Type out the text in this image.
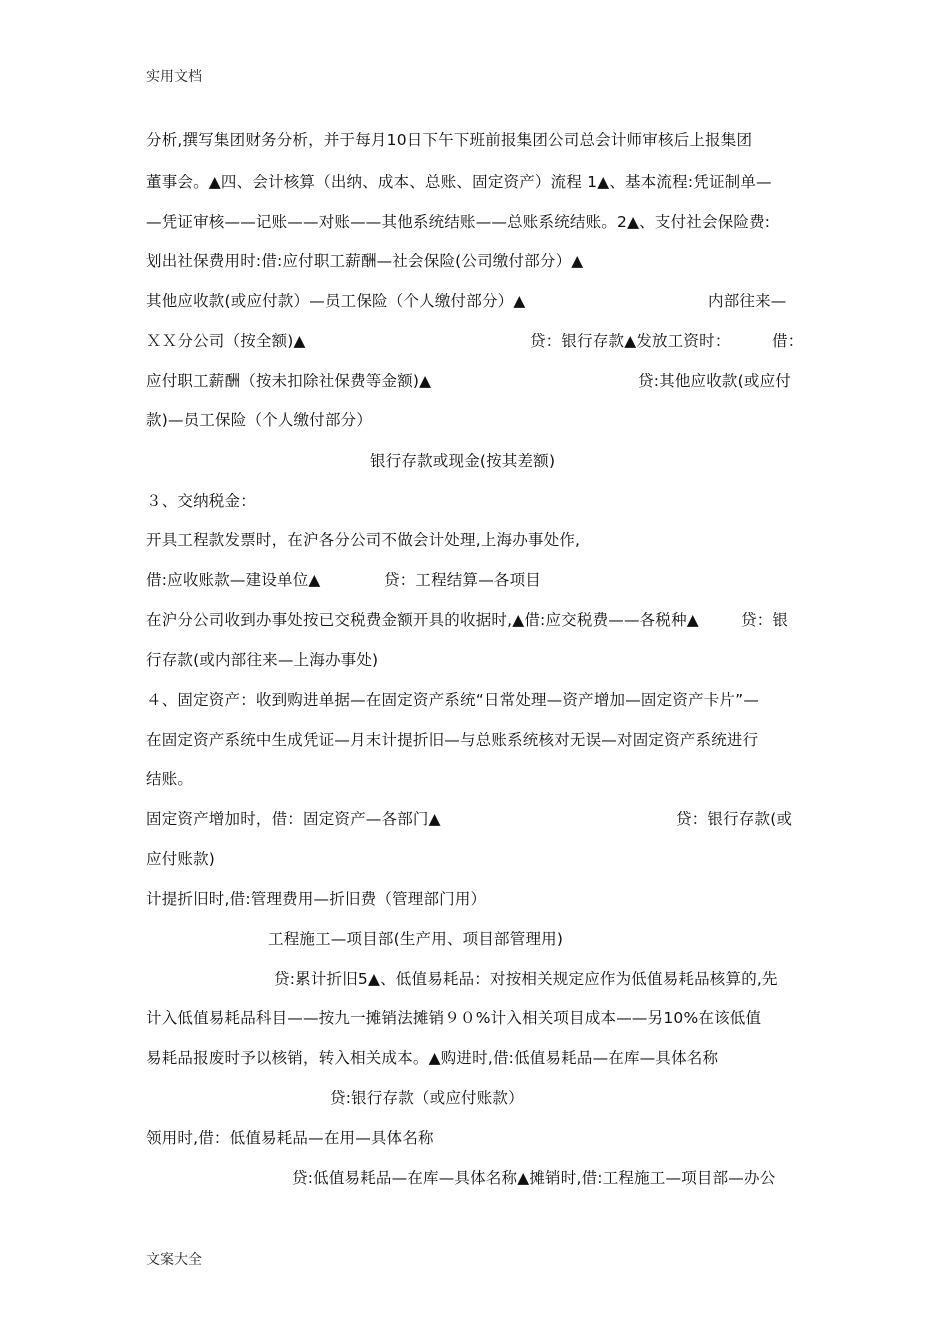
实用文档
分析,撰写集团财务分析，并于每月10日下午下班前报集团公司总会计师审核后上报集团
董事会。▲四、会计核算（出纳、成本、总账、固定资产）流程 1▲、基本流程:凭证制单—
—凭证审核——记账——对账——其他系统结账——总账系统结账。2▲、支付社会保险费:
划出社保费用时:借:应付职工薪酬—社会保险(公司缴付部分）▲
其他应收款(或应付款）—员工保险（个人缴付部分）▲	内部往来—
ＸＸ分公司（按全额)▲	贷：银行存款▲发放工资时：	借：
应付职工薪酬（按未扣除社保费等金额)▲	贷:其他应收款(或应付
款)—员工保险（个人缴付部分）
银行存款或现金(按其差额)
３、交纳税金：
开具工程款发票时，在沪各分公司不做会计处理,上海办事处作,
借:应收账款—建设单位▲	贷：工程结算—各项目
在沪分公司收到办事处按已交税费金额开具的收据时,▲借:应交税费——各税种▲	贷：银
行存款(或内部往来—上海办事处)
４、固定资产：收到购进单据—在固定资产系统“日常处理—资产增加—固定资产卡片”—
在固定资产系统中生成凭证—月末计提折旧—与总账系统核对无误—对固定资产系统进行
结账。
固定资产增加时，借：固定资产—各部门▲	贷：银行存款(或
应付账款)
计提折旧时,借:管理费用—折旧费（管理部门用）
工程施工—项目部(生产用、项目部管理用)
贷:累计折旧5▲、低值易耗品：对按相关规定应作为低值易耗品核算的,先
计入低值易耗品科目——按九一摊销法摊销９０%计入相关项目成本——另10%在该低值
易耗品报废时予以核销，转入相关成本。▲购进时,借:低值易耗品—在库—具体名称
贷:银行存款（或应付账款）
领用时,借：低值易耗品—在用—具体名称
贷:低值易耗品—在库—具体名称▲摊销时,借:工程施工—项目部—办公
文案大全
